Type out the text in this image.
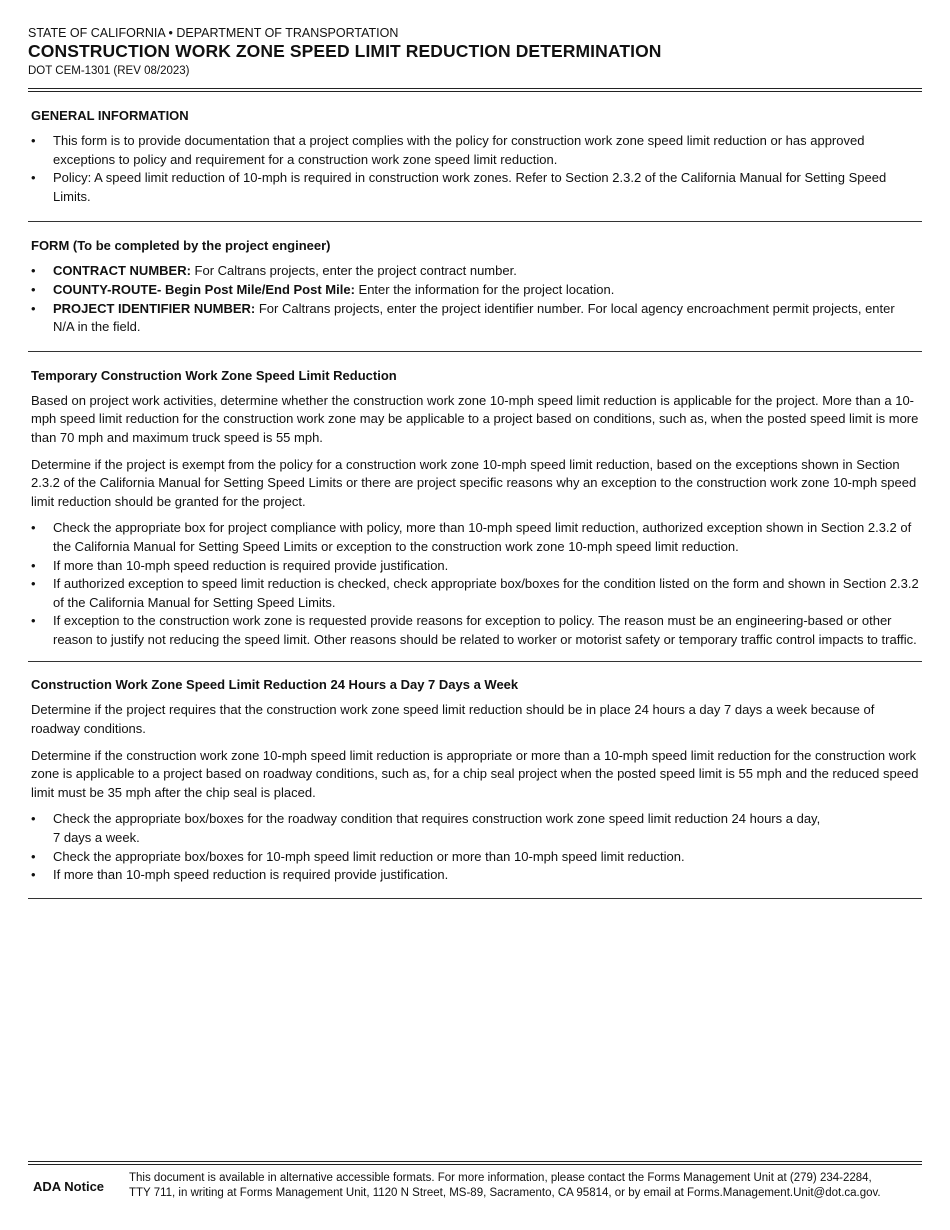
STATE OF CALIFORNIA • DEPARTMENT OF TRANSPORTATION

CONSTRUCTION WORK ZONE SPEED LIMIT REDUCTION DETERMINATION

DOT CEM-1301 (REV 08/2023)

GENERAL INFORMATION

• This form is to provide documentation that a project complies with the policy for construction work zone speed limit reduction or has approved exceptions to policy and requirement for a construction work zone speed limit reduction.
• Policy: A speed limit reduction of 10-mph is required in construction work zones. Refer to Section 2.3.2 of the California Manual for Setting Speed Limits.

FORM (To be completed by the project engineer)

• CONTRACT NUMBER: For Caltrans projects, enter the project contract number.
• COUNTY-ROUTE- Begin Post Mile/End Post Mile: Enter the information for the project location.
• PROJECT IDENTIFIER NUMBER: For Caltrans projects, enter the project identifier number. For local agency encroachment permit projects, enter N/A in the field.

Temporary Construction Work Zone Speed Limit Reduction

Based on project work activities, determine whether the construction work zone 10-mph speed limit reduction is applicable for the project. More than a 10-mph speed limit reduction for the construction work zone may be applicable to a project based on conditions, such as, when the posted speed limit is more than 70 mph and maximum truck speed is 55 mph.

Determine if the project is exempt from the policy for a construction work zone 10-mph speed limit reduction, based on the exceptions shown in Section 2.3.2 of the California Manual for Setting Speed Limits or there are project specific reasons why an exception to the construction work zone 10-mph speed limit reduction should be granted for the project.

• Check the appropriate box for project compliance with policy, more than 10-mph speed limit reduction, authorized exception shown in Section 2.3.2 of the California Manual for Setting Speed Limits or exception to the construction work zone 10-mph speed limit reduction.
• If more than 10-mph speed reduction is required provide justification.
• If authorized exception to speed limit reduction is checked, check appropriate box/boxes for the condition listed on the form and shown in Section 2.3.2 of the California Manual for Setting Speed Limits.
• If exception to the construction work zone is requested provide reasons for exception to policy. The reason must be an engineering-based or other reason to justify not reducing the speed limit. Other reasons should be related to worker or motorist safety or temporary traffic control impacts to traffic.

Construction Work Zone Speed Limit Reduction 24 Hours a Day 7 Days a Week

Determine if the project requires that the construction work zone speed limit reduction should be in place 24 hours a day 7 days a week because of roadway conditions.

Determine if the construction work zone 10-mph speed limit reduction is appropriate or more than a 10-mph speed limit reduction for the construction work zone is applicable to a project based on roadway conditions, such as, for a chip seal project when the posted speed limit is 55 mph and the reduced speed limit must be 35 mph after the chip seal is placed.

• Check the appropriate box/boxes for the roadway condition that requires construction work zone speed limit reduction 24 hours a day,
7 days a week.
• Check the appropriate box/boxes for 10-mph speed limit reduction or more than 10-mph speed limit reduction.
• If more than 10-mph speed reduction is required provide justification.
ADA Notice
This document is available in alternative accessible formats. For more information, please contact the Forms Management Unit at (279) 234-2284,
TTY 711, in writing at Forms Management Unit, 1120 N Street, MS-89, Sacramento, CA 95814, or by email at Forms.Management.Unit@dot.ca.gov.
